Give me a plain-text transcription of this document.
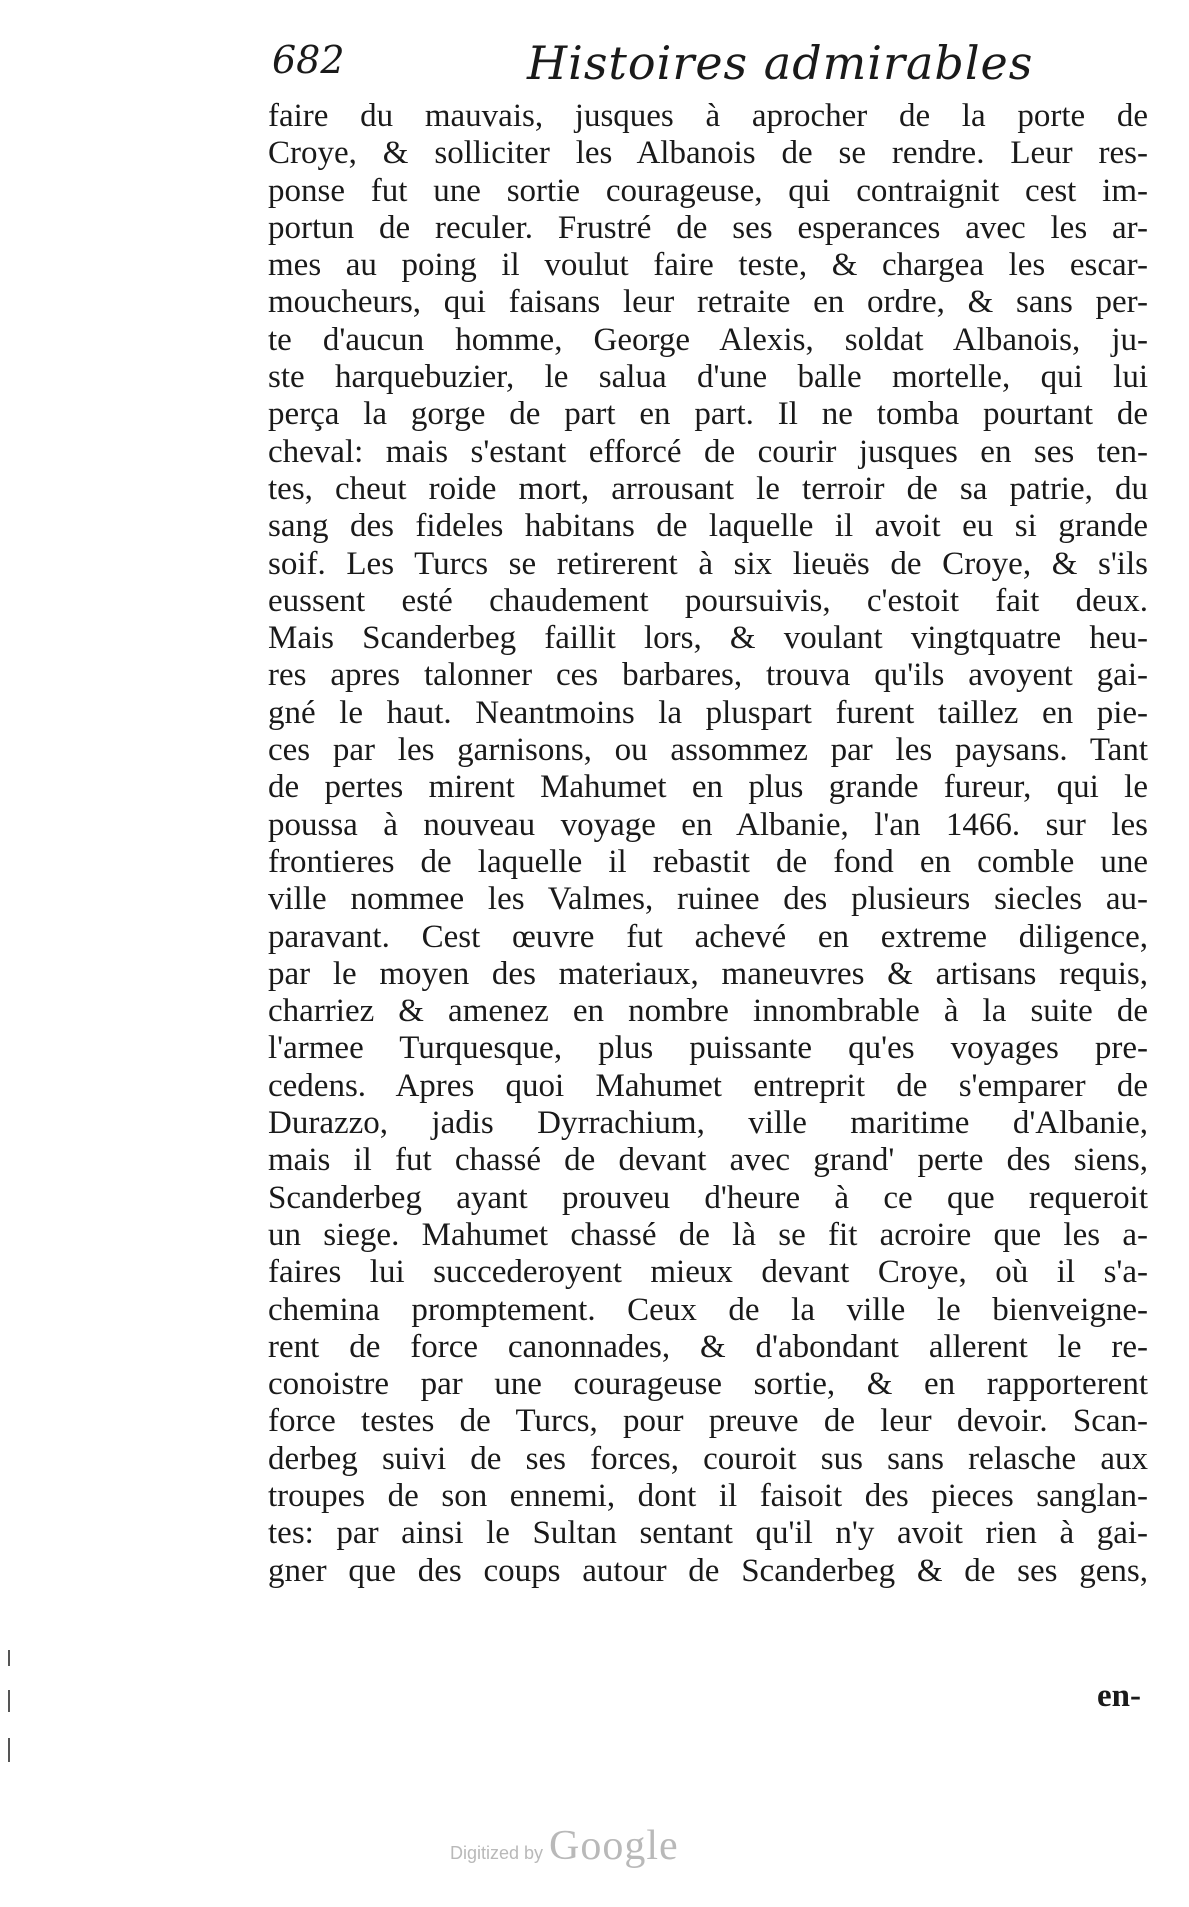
682	Histoires admirables
faire du mauvais, jusques à aprocher de la porte de
Croye, & solliciter les Albanois de se rendre. Leur res-
ponse fut une sortie courageuse, qui contraignit cest im-
portun de reculer. Frustré de ses esperances avec les ar-
mes au poing il voulut faire teste, & chargea les escar-
moucheurs, qui faisans leur retraite en ordre, & sans per-
te d'aucun homme, George Alexis, soldat Albanois, ju-
ste harquebuzier, le salua d'une balle mortelle, qui lui
perça la gorge de part en part. Il ne tomba pourtant de
cheval: mais s'estant efforcé de courir jusques en ses ten-
tes, cheut roide mort, arrousant le terroir de sa patrie, du
sang des fideles habitans de laquelle il avoit eu si grande
soif. Les Turcs se retirerent à six lieuës de Croye, & s'ils
eussent esté chaudement poursuivis, c'estoit fait deux.
Mais Scanderbeg faillit lors, & voulant vingtquatre heu-
res apres talonner ces barbares, trouva qu'ils avoyent gai-
gné le haut. Neantmoins la pluspart furent taillez en pie-
ces par les garnisons, ou assommez par les paysans. Tant
de pertes mirent Mahumet en plus grande fureur, qui le
poussa à nouveau voyage en Albanie, l'an 1466. sur les
frontieres de laquelle il rebastit de fond en comble une
ville nommee les Valmes, ruinee des plusieurs siecles au-
paravant. Cest œuvre fut achevé en extreme diligence,
par le moyen des materiaux, maneuvres & artisans requis,
charriez & amenez en nombre innombrable à la suite de
l'armee Turquesque, plus puissante qu'es voyages pre-
cedens. Apres quoi Mahumet entreprit de s'emparer de
Durazzo, jadis Dyrrachium, ville maritime d'Albanie,
mais il fut chassé de devant avec grand' perte des siens,
Scanderbeg ayant prouveu d'heure à ce que requeroit
un siege. Mahumet chassé de là se fit acroire que les a-
faires lui succederoyent mieux devant Croye, où il s'a-
chemina promptement. Ceux de la ville le bienveigne-
rent de force canonnades, & d'abondant allerent le re-
conoistre par une courageuse sortie, & en rapporterent
force testes de Turcs, pour preuve de leur devoir. Scan-
derbeg suivi de ses forces, couroit sus sans relasche aux
troupes de son ennemi, dont il faisoit des pieces sanglan-
tes: par ainsi le Sultan sentant qu'il n'y avoit rien à gai-
gner que des coups autour de Scanderbeg & de ses gens,
en-
Digitized by Google
